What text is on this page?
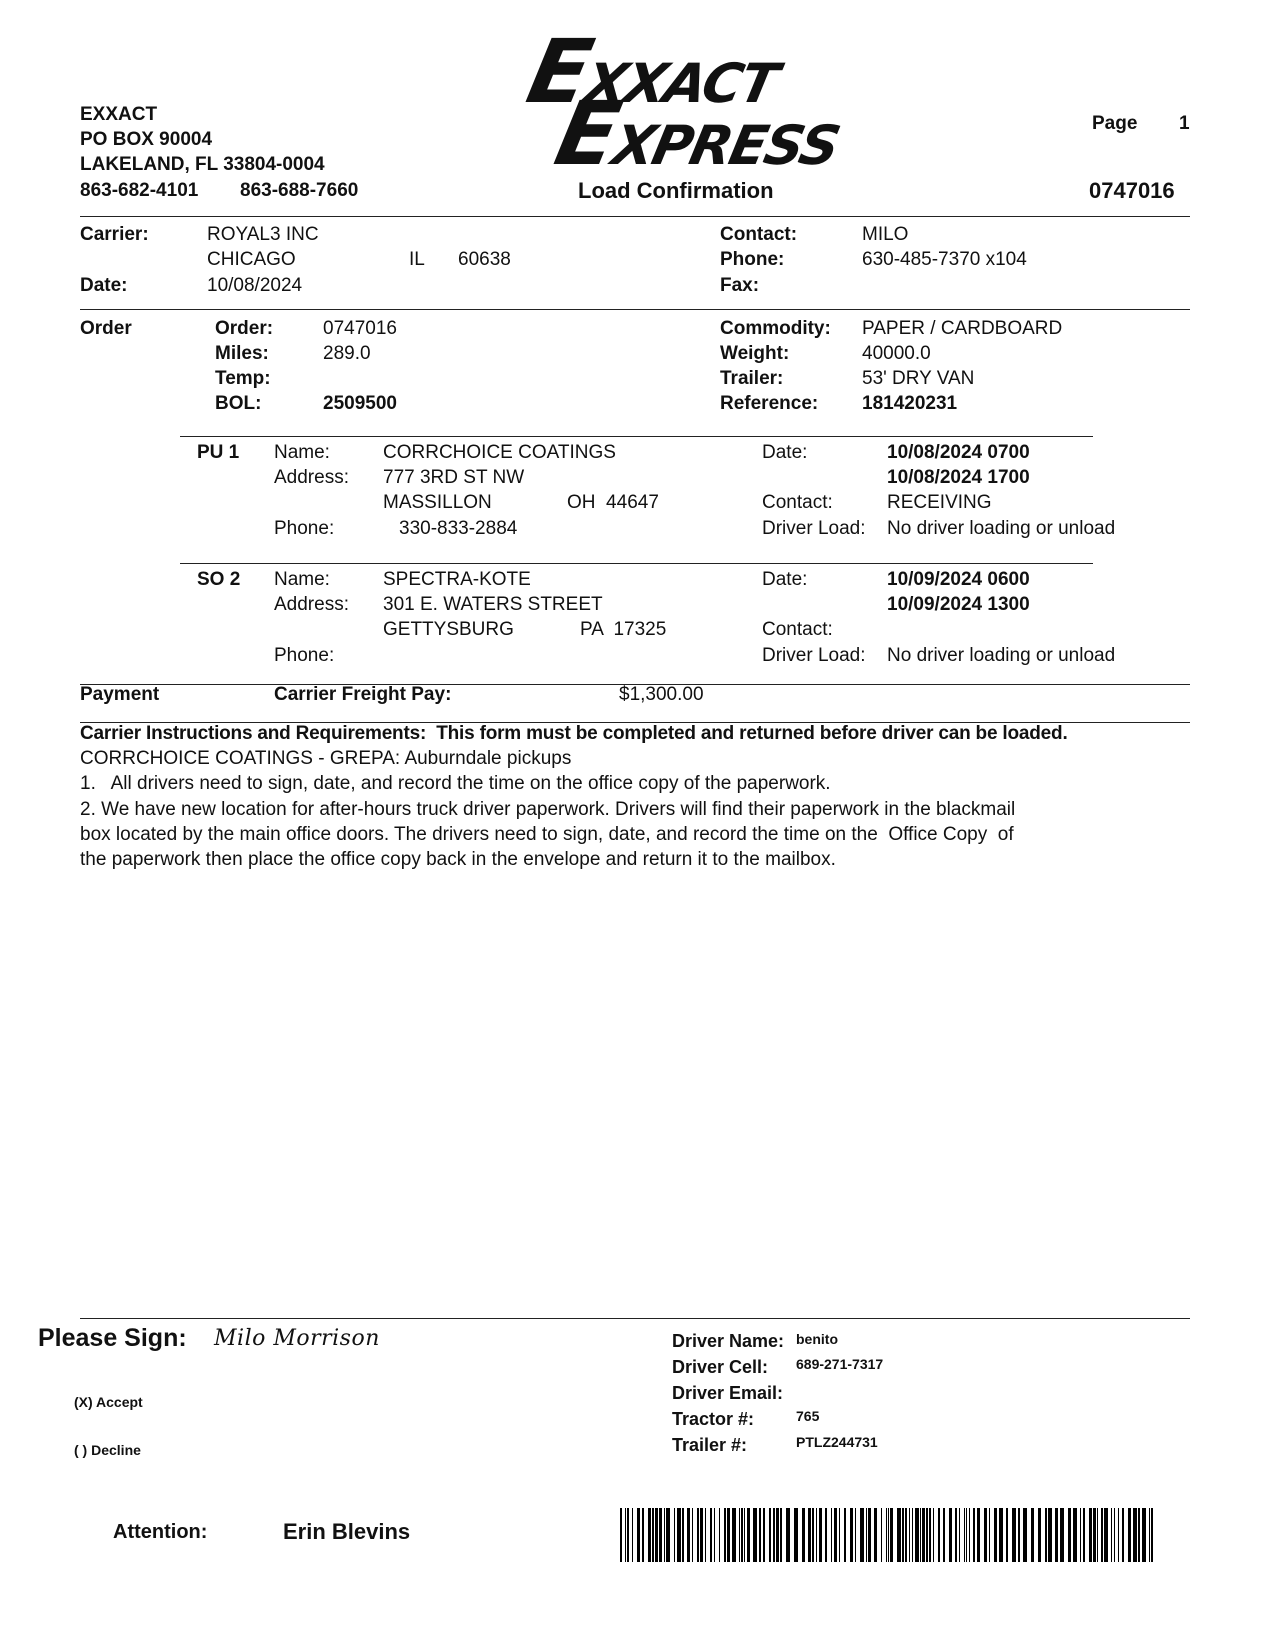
EXXACT
PO BOX 90004
LAKELAND, FL 33804-0004
863-682-4101 863-688-7660
EXXACT
EXPRESS	Page 1
Load Confirmation	0747016
Carrier:	ROYAL3 INC
CHICAGO	IL 60638
Date:	10/08/2024
Contact:	MILO
Phone:	630-485-7370 x104
Fax:
Order	Order:	0747016
Miles:	289.0
Temp:
BOL:	2509500
Commodity: PAPER / CARDBOARD
Weight:	40000.0
Trailer:	53' DRY VAN
Reference: 181420231
PU 1 Name:	CORRCHOICE COATINGS
Address: 777 3RD ST NW
MASSILLON	OH  44647
Phone:	330-833-2884
Date:	10/08/2024 0700
10/08/2024 1700
Contact:	RECEIVING
Driver Load: No driver loading or unload
SO 2 Name:	SPECTRA-KOTE
Address: 301 E. WATERS STREET
GETTYSBURG	PA  17325
Phone:
Date:	10/09/2024 0600
10/09/2024 1300
Contact:
Driver Load: No driver loading or unload
Payment	Carrier Freight Pay:	$1,300.00
Carrier Instructions and Requirements:  This form must be completed and returned before driver can be loaded.
CORRCHOICE COATINGS - GREPA: Auburndale pickups
1.   All drivers need to sign, date, and record the time on the office copy of the paperwork.
2. We have new location for after-hours truck driver paperwork. Drivers will find their paperwork in the blackmail
box located by the main office doors. The drivers need to sign, date, and record the time on the  Office Copy  of
the paperwork then place the office copy back in the envelope and return it to the mailbox.
Please Sign: Milo Morrison
(X) Accept
( ) Decline
Attention:	Erin Blevins
Driver Name: benito
Driver Cell: 689-271-7317
Driver Email:
Tractor #:	765
Trailer #:	PTLZ244731
